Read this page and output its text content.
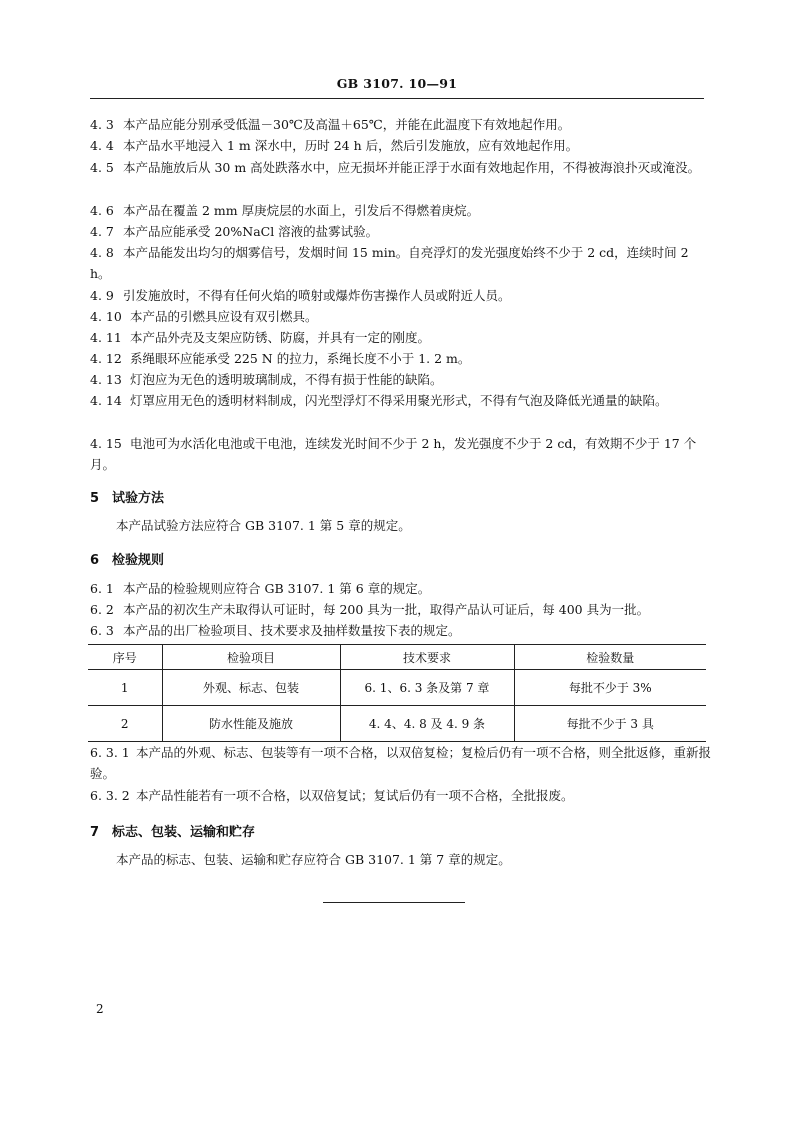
GB 3107. 10—91
4. 3 本产品应能分别承受低温－30℃及高温＋65℃，并能在此温度下有效地起作用。
4. 4 本产品水平地浸入 1 m 深水中，历时 24 h 后，然后引发施放，应有效地起作用。
4. 5 本产品施放后从 30 m 高处跌落水中，应无损坏并能正浮于水面有效地起作用，不得被海浪扑灭或淹没。
4. 6 本产品在覆盖 2 mm 厚庚烷层的水面上，引发后不得燃着庚烷。
4. 7 本产品应能承受 20%NaCl 溶液的盐雾试验。
4. 8 本产品能发出均匀的烟雾信号，发烟时间 15 min。自亮浮灯的发光强度始终不少于 2 cd，连续时间 2 h。
4. 9 引发施放时，不得有任何火焰的喷射或爆炸伤害操作人员或附近人员。
4. 10 本产品的引燃具应设有双引燃具。
4. 11 本产品外壳及支架应防锈、防腐，并具有一定的刚度。
4. 12 系绳眼环应能承受 225 N 的拉力，系绳长度不小于 1. 2 m。
4. 13 灯泡应为无色的透明玻璃制成，不得有损于性能的缺陷。
4. 14 灯罩应用无色的透明材料制成，闪光型浮灯不得采用聚光形式，不得有气泡及降低光通量的缺陷。
4. 15 电池可为水活化电池或干电池，连续发光时间不少于 2 h，发光强度不少于 2 cd，有效期不少于 17 个月。
5 试验方法
本产品试验方法应符合 GB 3107. 1 第 5 章的规定。
6 检验规则
6. 1 本产品的检验规则应符合 GB 3107. 1 第 6 章的规定。
6. 2 本产品的初次生产未取得认可证时，每 200 具为一批，取得产品认可证后，每 400 具为一批。
6. 3 本产品的出厂检验项目、技术要求及抽样数量按下表的规定。
序号	检验项目	技术要求	检验数量
1	外观、标志、包装	6. 1、6. 3 条及第 7 章	每批不少于 3%
2	防水性能及施放	4. 4、4. 8 及 4. 9 条	每批不少于 3 具
6. 3. 1 本产品的外观、标志、包装等有一项不合格，以双倍复检；复检后仍有一项不合格，则全批返修，重新报验。
6. 3. 2 本产品性能若有一项不合格，以双倍复试；复试后仍有一项不合格，全批报废。
7 标志、包装、运输和贮存
本产品的标志、包装、运输和贮存应符合 GB 3107. 1 第 7 章的规定。
2
